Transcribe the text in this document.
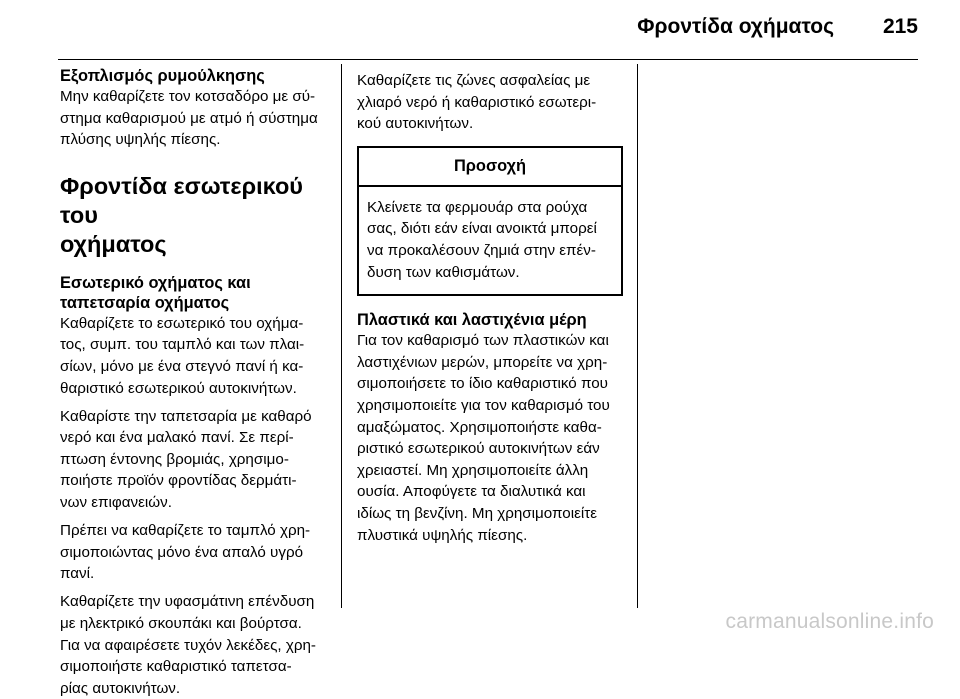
Φροντίδα οχήματος 215
Εξοπλισμός ρυμούλκησης
Μην καθαρίζετε τον κοτσαδόρο με σύ-
στημα καθαρισμού με ατμό ή σύστημα
πλύσης υψηλής πίεσης.
Φροντίδα εσωτερικού του
οχήματος
Εσωτερικό οχήματος και
ταπετσαρία οχήματος
Καθαρίζετε το εσωτερικό του οχήμα-
τος, συμπ. του ταμπλό και των πλαι-
σίων, μόνο με ένα στεγνό πανί ή κα-
θαριστικό εσωτερικού αυτοκινήτων.
Καθαρίστε την ταπετσαρία με καθαρό
νερό και ένα μαλακό πανί. Σε περί-
πτωση έντονης βρομιάς, χρησιμο-
ποιήστε προϊόν φροντίδας δερμάτι-
νων επιφανειών.
Πρέπει να καθαρίζετε το ταμπλό χρη-
σιμοποιώντας μόνο ένα απαλό υγρό
πανί.
Καθαρίζετε την υφασμάτινη επένδυση
με ηλεκτρικό σκουπάκι και βούρτσα.
Για να αφαιρέσετε τυχόν λεκέδες, χρη-
σιμοποιήστε καθαριστικό ταπετσα-
ρίας αυτοκινήτων.
Καθαρίζετε τις ζώνες ασφαλείας με
χλιαρό νερό ή καθαριστικό εσωτερι-
κού αυτοκινήτων.
Προσοχή
Κλείνετε τα φερμουάρ στα ρούχα
σας, διότι εάν είναι ανοικτά μπορεί
να προκαλέσουν ζημιά στην επέν-
δυση των καθισμάτων.
Πλαστικά και λαστιχένια μέρη
Για τον καθαρισμό των πλαστικών και
λαστιχένιων μερών, μπορείτε να χρη-
σιμοποιήσετε το ίδιο καθαριστικό που
χρησιμοποιείτε για τον καθαρισμό του
αμαξώματος. Χρησιμοποιήστε καθα-
ριστικό εσωτερικού αυτοκινήτων εάν
χρειαστεί. Μη χρησιμοποιείτε άλλη
ουσία. Αποφύγετε τα διαλυτικά και
ιδίως τη βενζίνη. Μη χρησιμοποιείτε
πλυστικά υψηλής πίεσης.
carmanualsonline.info
